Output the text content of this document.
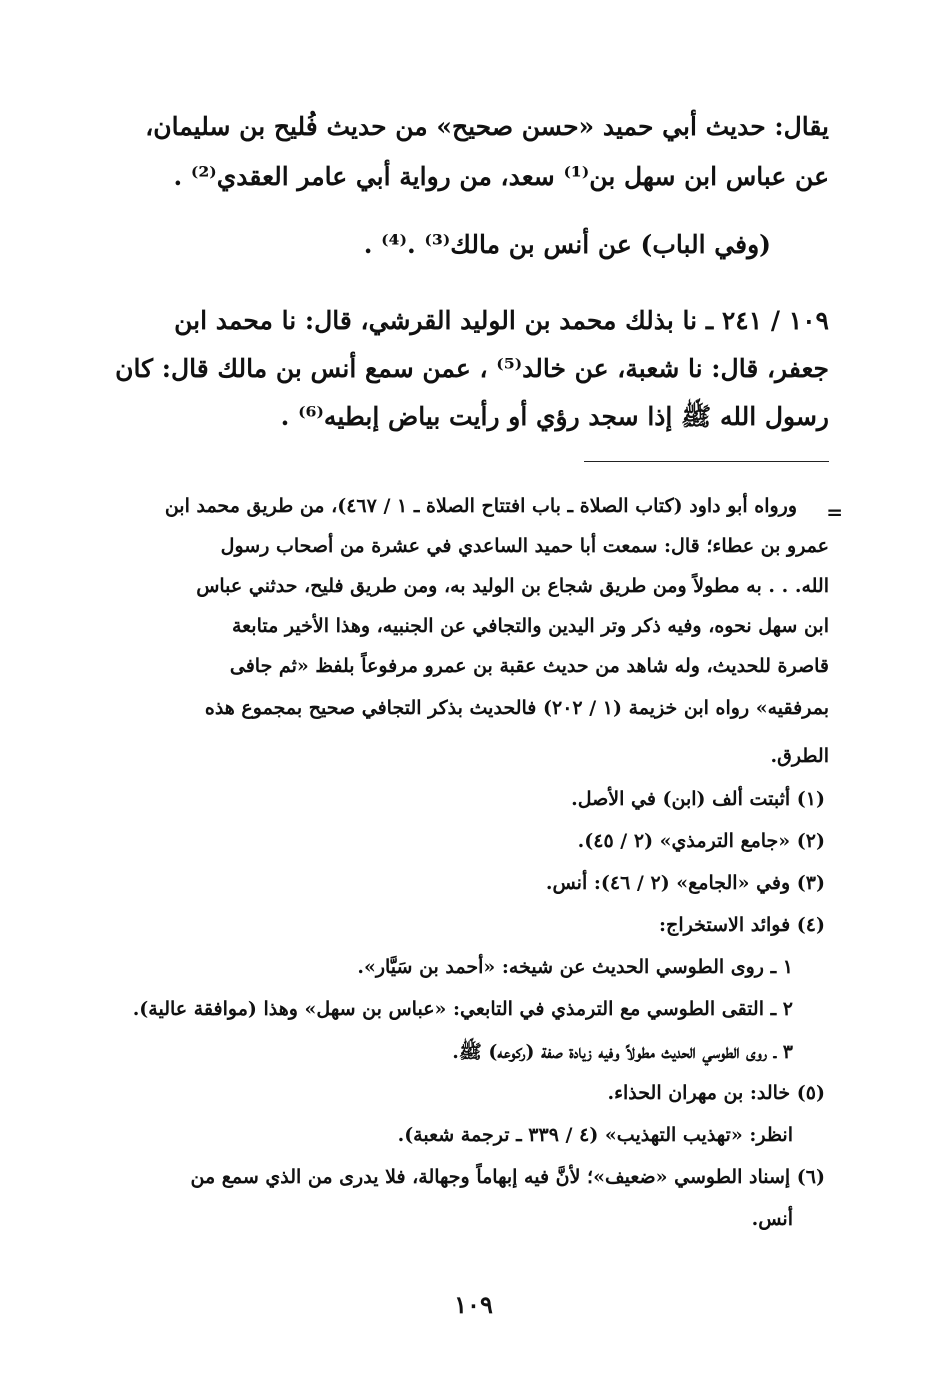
يقال: حديث أبي حميد «حسن صحيح» من حديث فُليح بن سليمان،
عن عباس ابن سهل بن⁽¹⁾ سعد، من رواية أبي عامر العقدي⁽²⁾ .
(وفي الباب) عن أنس بن مالك⁽³⁾ .⁽⁴⁾ .
١٠٩ / ٢٤١ ـ نا بذلك محمد بن الوليد القرشي، قال: نا محمد ابن
جعفر، قال: نا شعبة، عن خالد⁽⁵⁾ ، عمن سمع أنس بن مالك قال: كان
رسول الله ﷺ إذا سجد رؤي أو رأيت بياض إبطيه⁽⁶⁾ .
=
ورواه أبو داود (كتاب الصلاة ـ باب افتتاح الصلاة ـ ١ / ٤٦٧)، من طريق محمد ابن
عمرو بن عطاء؛ قال: سمعت أبا حميد الساعدي في عشرة من أصحاب رسول
الله. . . به مطولاً ومن طريق شجاع بن الوليد به، ومن طريق فليح، حدثني عباس
ابن سهل نحوه، وفيه ذكر وتر اليدين والتجافي عن الجنبيه، وهذا الأخير متابعة
قاصرة للحديث، وله شاهد من حديث عقبة بن عمرو مرفوعاً بلفظ «ثم جافى
بمرفقيه» رواه ابن خزيمة (١ / ٢٠٢) فالحديث بذكر التجافي صحيح بمجموع هذه
الطرق.
(١) أثبتت ألف (ابن) في الأصل.
(٢) «جامع الترمذي» (٢ / ٤٥).
(٣) وفي «الجامع» (٢ / ٤٦): أنس.
(٤) فوائد الاستخراج:
١ ـ روى الطوسي الحديث عن شيخه: «أحمد بن سَيَّار».
٢ ـ التقى الطوسي مع الترمذي في التابعي: «عباس بن سهل» وهذا (موافقة عالية).
٣ ـ روى الطوسي الحديث مطولاً وفيه زيادة صفة (ركوعه) ﷺ.
(٥) خالد: بن مهران الحذاء.
انظر: «تهذيب التهذيب» (٤ / ٣٣٩ ـ ترجمة شعبة).
(٦) إسناد الطوسي «ضعيف»؛ لأنَّ فيه إبهاماً وجهالة، فلا يدرى من الذي سمع من
أنس.
١٠٩
